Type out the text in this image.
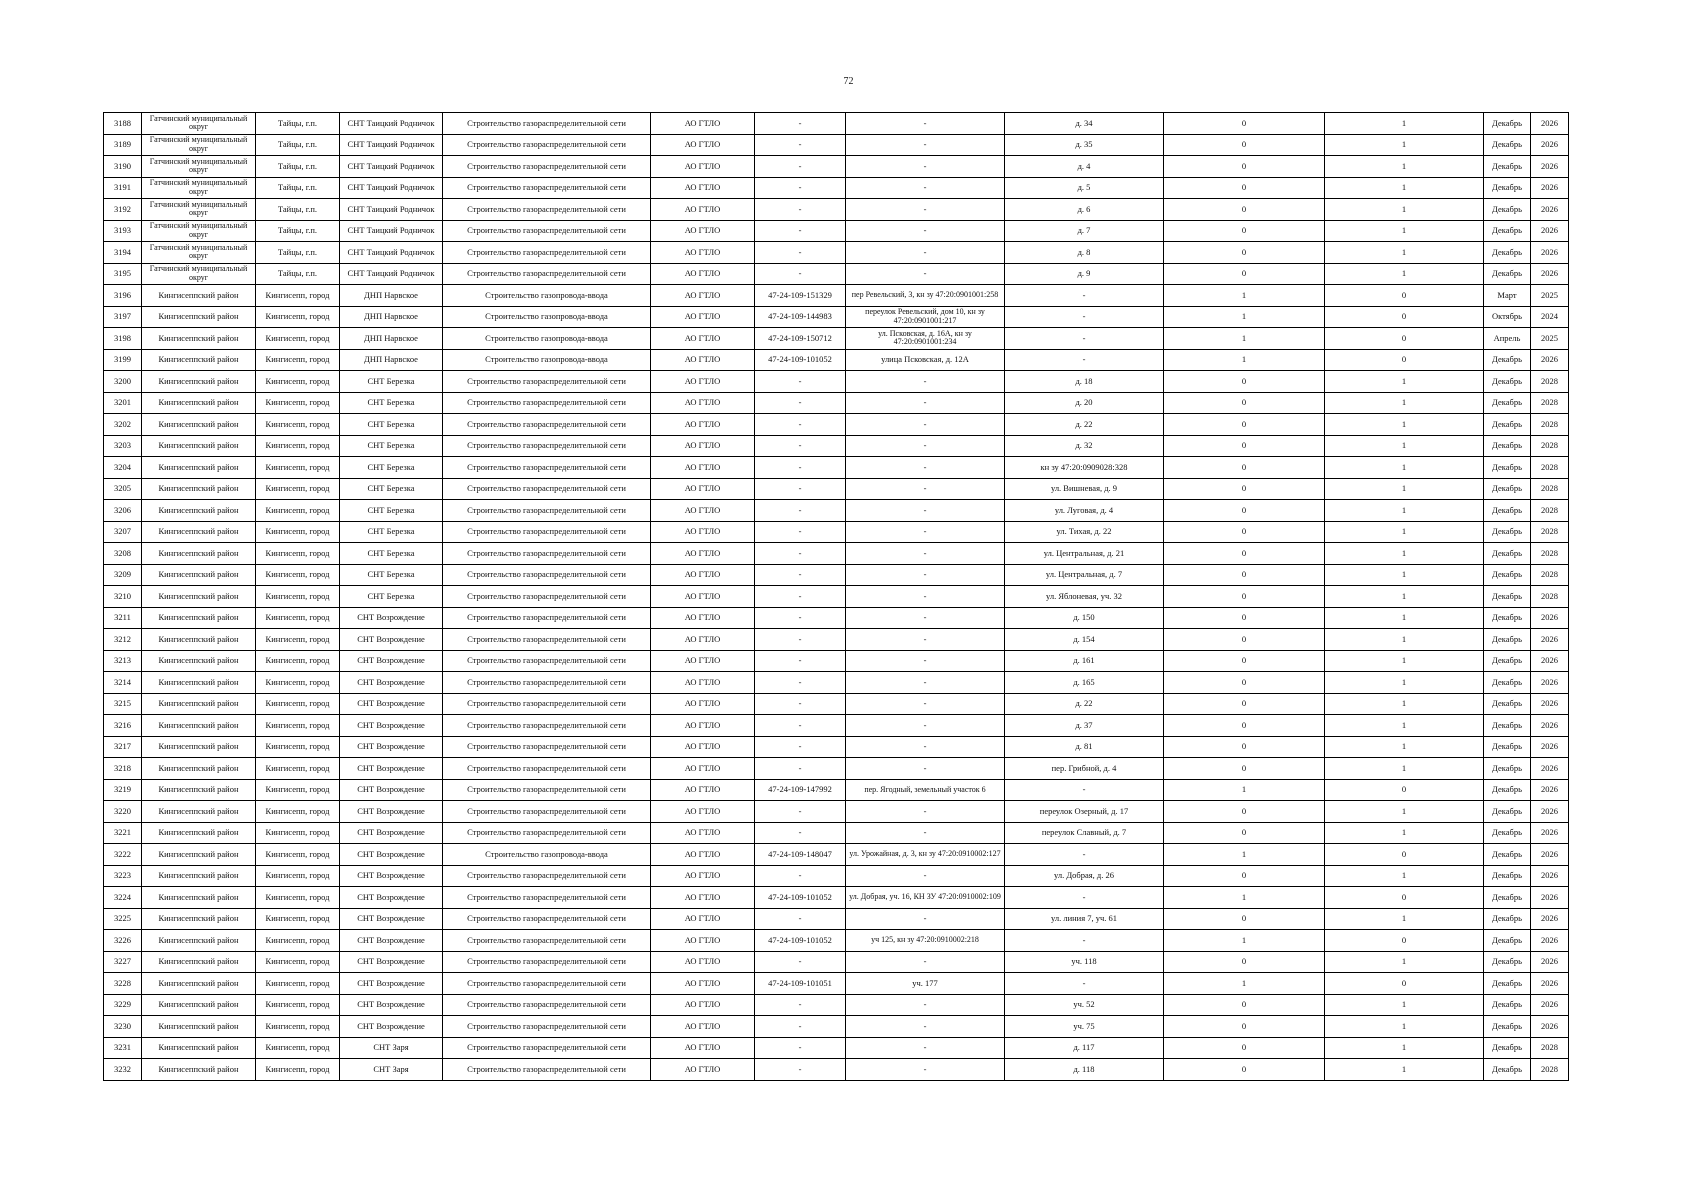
72
3188	Гатчинский муниципальный округ	Тайцы, г.п.	СНТ Таицкий Родничок	Строительство газораспределительной сети	АО ГТЛО	-	-	д. 34	0	1	Декабрь	2026
3189	Гатчинский муниципальный округ	Тайцы, г.п.	СНТ Таицкий Родничок	Строительство газораспределительной сети	АО ГТЛО	-	-	д. 35	0	1	Декабрь	2026
3190	Гатчинский муниципальный округ	Тайцы, г.п.	СНТ Таицкий Родничок	Строительство газораспределительной сети	АО ГТЛО	-	-	д. 4	0	1	Декабрь	2026
3191	Гатчинский муниципальный округ	Тайцы, г.п.	СНТ Таицкий Родничок	Строительство газораспределительной сети	АО ГТЛО	-	-	д. 5	0	1	Декабрь	2026
3192	Гатчинский муниципальный округ	Тайцы, г.п.	СНТ Таицкий Родничок	Строительство газораспределительной сети	АО ГТЛО	-	-	д. 6	0	1	Декабрь	2026
3193	Гатчинский муниципальный округ	Тайцы, г.п.	СНТ Таицкий Родничок	Строительство газораспределительной сети	АО ГТЛО	-	-	д. 7	0	1	Декабрь	2026
3194	Гатчинский муниципальный округ	Тайцы, г.п.	СНТ Таицкий Родничок	Строительство газораспределительной сети	АО ГТЛО	-	-	д. 8	0	1	Декабрь	2026
3195	Гатчинский муниципальный округ	Тайцы, г.п.	СНТ Таицкий Родничок	Строительство газораспределительной сети	АО ГТЛО	-	-	д. 9	0	1	Декабрь	2026
3196	Кингисеппский район	Кингисепп, город	ДНП Нарвское	Строительство газопровода-ввода	АО ГТЛО	47-24-109-151329	пер Ревельский, 3, кн зу 47:20:0901001:258	-	1	0	Март	2025
3197	Кингисеппский район	Кингисепп, город	ДНП Нарвское	Строительство газопровода-ввода	АО ГТЛО	47-24-109-144983	переулок Ревельский, дом 10, кн зу 47:20:0901001:217	-	1	0	Октябрь	2024
3198	Кингисеппский район	Кингисепп, город	ДНП Нарвское	Строительство газопровода-ввода	АО ГТЛО	47-24-109-150712	ул. Псковская, д. 16А, кн зу 47:20:0901001:234	-	1	0	Апрель	2025
3199	Кингисеппский район	Кингисепп, город	ДНП Нарвское	Строительство газопровода-ввода	АО ГТЛО	47-24-109-101052	улица Псковская, д. 12А	-	1	0	Декабрь	2026
3200	Кингисеппский район	Кингисепп, город	СНТ Березка	Строительство газораспределительной сети	АО ГТЛО	-	-	д. 18	0	1	Декабрь	2028
3201	Кингисеппский район	Кингисепп, город	СНТ Березка	Строительство газораспределительной сети	АО ГТЛО	-	-	д. 20	0	1	Декабрь	2028
3202	Кингисеппский район	Кингисепп, город	СНТ Березка	Строительство газораспределительной сети	АО ГТЛО	-	-	д. 22	0	1	Декабрь	2028
3203	Кингисеппский район	Кингисепп, город	СНТ Березка	Строительство газораспределительной сети	АО ГТЛО	-	-	д. 32	0	1	Декабрь	2028
3204	Кингисеппский район	Кингисепп, город	СНТ Березка	Строительство газораспределительной сети	АО ГТЛО	-	-	кн зу 47:20:0909028:328	0	1	Декабрь	2028
3205	Кингисеппский район	Кингисепп, город	СНТ Березка	Строительство газораспределительной сети	АО ГТЛО	-	-	ул. Вишневая, д. 9	0	1	Декабрь	2028
3206	Кингисеппский район	Кингисепп, город	СНТ Березка	Строительство газораспределительной сети	АО ГТЛО	-	-	ул. Луговая, д. 4	0	1	Декабрь	2028
3207	Кингисеппский район	Кингисепп, город	СНТ Березка	Строительство газораспределительной сети	АО ГТЛО	-	-	ул. Тихая, д. 22	0	1	Декабрь	2028
3208	Кингисеппский район	Кингисепп, город	СНТ Березка	Строительство газораспределительной сети	АО ГТЛО	-	-	ул. Центральная, д. 21	0	1	Декабрь	2028
3209	Кингисеппский район	Кингисепп, город	СНТ Березка	Строительство газораспределительной сети	АО ГТЛО	-	-	ул. Центральная, д. 7	0	1	Декабрь	2028
3210	Кингисеппский район	Кингисепп, город	СНТ Березка	Строительство газораспределительной сети	АО ГТЛО	-	-	ул. Яблоневая, уч. 32	0	1	Декабрь	2028
3211	Кингисеппский район	Кингисепп, город	СНТ Возрождение	Строительство газораспределительной сети	АО ГТЛО	-	-	д. 150	0	1	Декабрь	2026
3212	Кингисеппский район	Кингисепп, город	СНТ Возрождение	Строительство газораспределительной сети	АО ГТЛО	-	-	д. 154	0	1	Декабрь	2026
3213	Кингисеппский район	Кингисепп, город	СНТ Возрождение	Строительство газораспределительной сети	АО ГТЛО	-	-	д. 161	0	1	Декабрь	2026
3214	Кингисеппский район	Кингисепп, город	СНТ Возрождение	Строительство газораспределительной сети	АО ГТЛО	-	-	д. 165	0	1	Декабрь	2026
3215	Кингисеппский район	Кингисепп, город	СНТ Возрождение	Строительство газораспределительной сети	АО ГТЛО	-	-	д. 22	0	1	Декабрь	2026
3216	Кингисеппский район	Кингисепп, город	СНТ Возрождение	Строительство газораспределительной сети	АО ГТЛО	-	-	д. 37	0	1	Декабрь	2026
3217	Кингисеппский район	Кингисепп, город	СНТ Возрождение	Строительство газораспределительной сети	АО ГТЛО	-	-	д. 81	0	1	Декабрь	2026
3218	Кингисеппский район	Кингисепп, город	СНТ Возрождение	Строительство газораспределительной сети	АО ГТЛО	-	-	пер. Грибной, д. 4	0	1	Декабрь	2026
3219	Кингисеппский район	Кингисепп, город	СНТ Возрождение	Строительство газораспределительной сети	АО ГТЛО	47-24-109-147992	пер. Ягодный, земельный участок 6	-	1	0	Декабрь	2026
3220	Кингисеппский район	Кингисепп, город	СНТ Возрождение	Строительство газораспределительной сети	АО ГТЛО	-	-	переулок Озерный, д. 17	0	1	Декабрь	2026
3221	Кингисеппский район	Кингисепп, город	СНТ Возрождение	Строительство газораспределительной сети	АО ГТЛО	-	-	переулок Славный, д. 7	0	1	Декабрь	2026
3222	Кингисеппский район	Кингисепп, город	СНТ Возрождение	Строительство газопровода-ввода	АО ГТЛО	47-24-109-148047	ул. Урожайная, д. 3, кн зу 47:20:0910002:127	-	1	0	Декабрь	2026
3223	Кингисеппский район	Кингисепп, город	СНТ Возрождение	Строительство газораспределительной сети	АО ГТЛО	-	-	ул. Добрая, д. 26	0	1	Декабрь	2026
3224	Кингисеппский район	Кингисепп, город	СНТ Возрождение	Строительство газораспределительной сети	АО ГТЛО	47-24-109-101052	ул. Добрая, уч. 16, КН ЗУ 47:20:0910002:109	-	1	0	Декабрь	2026
3225	Кингисеппский район	Кингисепп, город	СНТ Возрождение	Строительство газораспределительной сети	АО ГТЛО	-	-	ул. линия 7, уч. 61	0	1	Декабрь	2026
3226	Кингисеппский район	Кингисепп, город	СНТ Возрождение	Строительство газораспределительной сети	АО ГТЛО	47-24-109-101052	уч 125, кн зу 47:20:0910002:218	-	1	0	Декабрь	2026
3227	Кингисеппский район	Кингисепп, город	СНТ Возрождение	Строительство газораспределительной сети	АО ГТЛО	-	-	уч. 118	0	1	Декабрь	2026
3228	Кингисеппский район	Кингисепп, город	СНТ Возрождение	Строительство газораспределительной сети	АО ГТЛО	47-24-109-101051	уч. 177	-	1	0	Декабрь	2026
3229	Кингисеппский район	Кингисепп, город	СНТ Возрождение	Строительство газораспределительной сети	АО ГТЛО	-	-	уч. 52	0	1	Декабрь	2026
3230	Кингисеппский район	Кингисепп, город	СНТ Возрождение	Строительство газораспределительной сети	АО ГТЛО	-	-	уч. 75	0	1	Декабрь	2026
3231	Кингисеппский район	Кингисепп, город	СНТ Заря	Строительство газораспределительной сети	АО ГТЛО	-	-	д. 117	0	1	Декабрь	2028
3232	Кингисеппский район	Кингисепп, город	СНТ Заря	Строительство газораспределительной сети	АО ГТЛО	-	-	д. 118	0	1	Декабрь	2028
